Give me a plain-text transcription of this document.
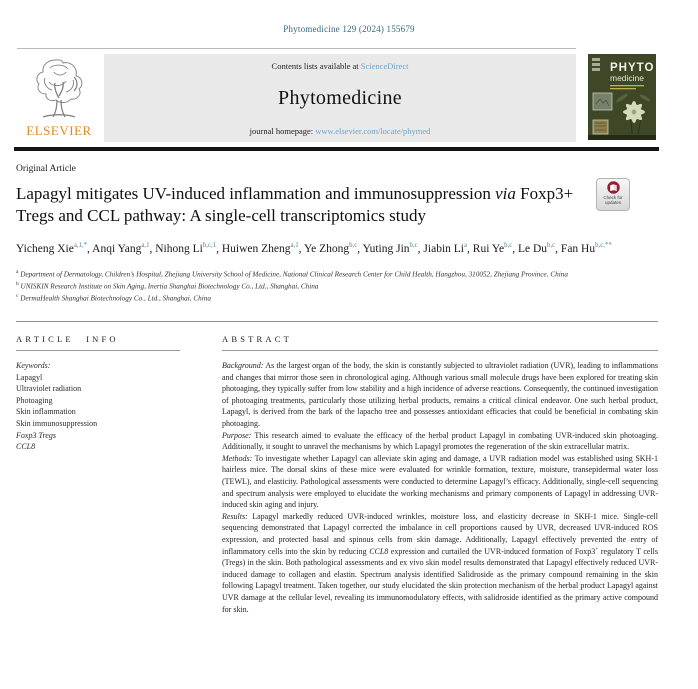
Phytomedicine 129 (2024) 155679
ELSEVIER
Contents lists available at ScienceDirect
Phytomedicine
journal homepage: www.elsevier.com/locate/phymed
PHYTO
medicine
Original Article
Check for updates
Lapagyl mitigates UV-induced inflammation and immunosuppression via Foxp3+ Tregs and CCL pathway: A single-cell transcriptomics study
Yicheng Xie$^{a,1,*}$, Anqi Yang$^{a,1}$, Nihong Li$^{b,c,1}$, Huiwen Zheng$^{a,1}$, Ye Zhong$^{b,c}$, Yuting Jin$^{b,c}$, Jiabin Li$^a$, Rui Ye$^{b,c}$, Le Du$^{b,c}$, Fan $Hu^{b,c,**}$
$^a$ Department of Dermatology, Children’s Hospital, Zhejiang University School of Medicine, National Clinical Research Center for Child Health, Hangzhou, 310052, Zhejiang Province, China
$^b$ UNISKIN Research Institute on Skin Aging, Inertia Shanghai Biotechnology Co., Ltd., Shanghai, China
$^c$ DermaHealth Shanghai Biotechnology Co., Ltd., Shanghai, China
ARTICLE INFO
Keywords:
Lapagyl
Ultraviolet radiation
Photoaging
Skin inflammation
Skin immunosuppression
Foxp3 Tregs
CCL8
ABSTRACT
Background: As the largest organ of the body, the skin is constantly subjected to ultraviolet radiation (UVR), leading to inflammations and changes that mirror those seen in chronological aging. Although various small molecule drugs have been explored for treating skin photoaging, they typically suffer from low stability and a high incidence of adverse reactions. Consequently, the continued investigation of photoaging treatments, particularly those utilizing herbal products, remains a critical clinical endeavor. One such herbal product, Lapagyl, is derived from the bark of the lapacho tree and possesses antioxidant efficacies that could be beneficial in combating skin photoaging.
Purpose: This research aimed to evaluate the efficacy of the herbal product Lapagyl in combating UVR-induced skin photoaging. Additionally, it sought to unravel the mechanisms by which Lapagyl promotes the regeneration of the skin extracellular matrix.
Methods: To investigate whether Lapagyl can alleviate skin aging and damage, a UVR radiation model was established using SKH-1 hairless mice. The dorsal skins of these mice were evaluated for wrinkle formation, texture, moisture, transepidermal water loss (TEWL), and elasticity. Pathological assessments were conducted to determine Lapagyl’s efficacy. Additionally, single-cell sequencing and spectrum analysis were employed to elucidate the working mechanisms and primary components of Lapagyl in addressing UVR-induced skin aging and injury.
Results: Lapagyl markedly reduced UVR-induced wrinkles, moisture loss, and elasticity decrease in SKH-1 mice. Single-cell sequencing demonstrated that Lapagyl corrected the imbalance in cell proportions caused by UVR, decreased UVR-induced ROS expression, and protected basal and spinous cells from skin damage. Additionally, Lapagyl effectively prevented the entry of inflammatory cells into the skin by reducing CCL8 expression and curtailed the UVR-induced formation of Foxp3+ regulatory T cells (Tregs) in the skin. Both pathological assessments and ex vivo skin model results demonstrated that Lapagyl effectively reduced UVR-induced damage to collagen and elastin. Spectrum analysis identified Salidroside as the primary compound remaining in the skin following Lapagyl treatment. Taken together, our study elucidated the skin protection mechanism of the herbal product Lapagyl against UVR damage at the cellular level, revealing its immunomodulatory effects, with salidroside identified as the primary active compound for skin.
